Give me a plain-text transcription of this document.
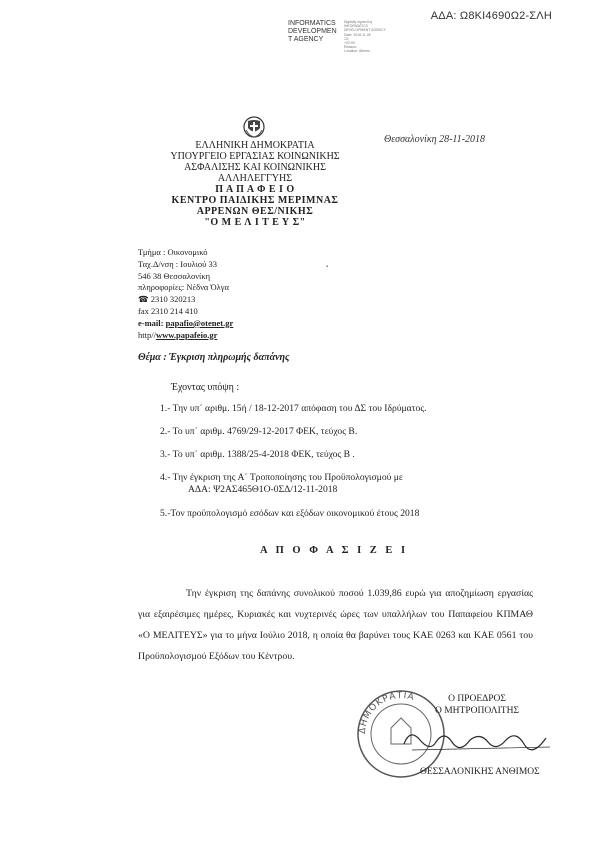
ΑΔΑ: Ω8ΚΙ4690Ω2-ΣΛΗ
INFORMATICS
DEVELOPMEN
T AGENCY
Digitally signed by
INFORMATICS
DEVELOPMENT AGENCY
Date: 2018.11.28
13:
+02:00
Reason:
Location: Athens
ΕΛΛΗΝΙΚΗ ΔΗΜΟΚΡΑΤΙΑ
ΥΠΟΥΡΓΕΙΟ ΕΡΓΑΣΙΑΣ ΚΟΙΝΩΝΙΚΗΣ
ΑΣΦΑΛΙΣΗΣ ΚΑΙ ΚΟΙΝΩΝΙΚΗΣ
ΑΛΛΗΛΕΓΓΥΗΣ
Π Α Π Α Φ Ε Ι Ο
ΚΕΝΤΡΟ ΠΑΙΔΙΚΗΣ ΜΕΡΙΜΝΑΣ
ΑΡΡΕΝΩΝ ΘΕΣ/ΝΙΚΗΣ
"Ο Μ Ε Λ Ι Τ Ε Υ Σ"
Θεσσαλονίκη 28-11-2018
▪
Τμήμα : Οικονομικό
Ταχ.Δ/νση : Ιουλιού 33
546 38 Θεσσαλονίκη
πληροφορίες: Νέδνα Όλγα
☎ 2310 320213
fax 2310 214 410
e-mail: papafio@otenet.gr
http//www.papafeio.gr
Θέμα : Έγκριση πληρωμής δαπάνης
Έχοντας υπόψη :
1.- Την υπ΄ αριθμ. 15ή / 18-12-2017 απόφαση του ΔΣ του Ιδρύματος.
2.- Το υπ΄ αριθμ. 4769/29-12-2017 ΦΕΚ, τεύχος Β.
3.- Το υπ΄ αριθμ. 1388/25-4-2018 ΦΕΚ, τεύχος Β .
4.- Την έγκριση της Α΄ Τροποποίησης του Προϋπολογισμού με
ΑΔΑ: Ψ2ΑΣ465Θ1Ο-0ΣΔ/12-11-2018
5.-Τον προϋπολογισμό εσόδων και εξόδων οικονομικού έτους 2018
Α Π Ο Φ Α Σ Ι Ζ Ε Ι
Την έγκριση της δαπάνης συνολικού ποσού 1.039,86 ευρώ για αποζημίωση εργασίας για εξαιρέσιμες ημέρες, Κυριακές και νυχτερινές ώρες των υπαλλήλων του Παπαφείου ΚΠΜΑΘ «Ο ΜΕΛΙΤΕΥΣ» για το μήνα Ιούλιο 2018, η οποία θα βαρύνει τους ΚΑΕ 0263 και ΚΑΕ 0561 του Προϋπολογισμού Εξόδων του Κέντρου.
ΔΗΜΟΚΡΑΤΙΑ	Ο ΠΡΟΕΔΡΟΣ
Ο ΜΗΤΡΟΠΟΛΙΤΗΣ
ΘΕΣΣΑΛΟΝΙΚΗΣ ΑΝΘΙΜΟΣ
